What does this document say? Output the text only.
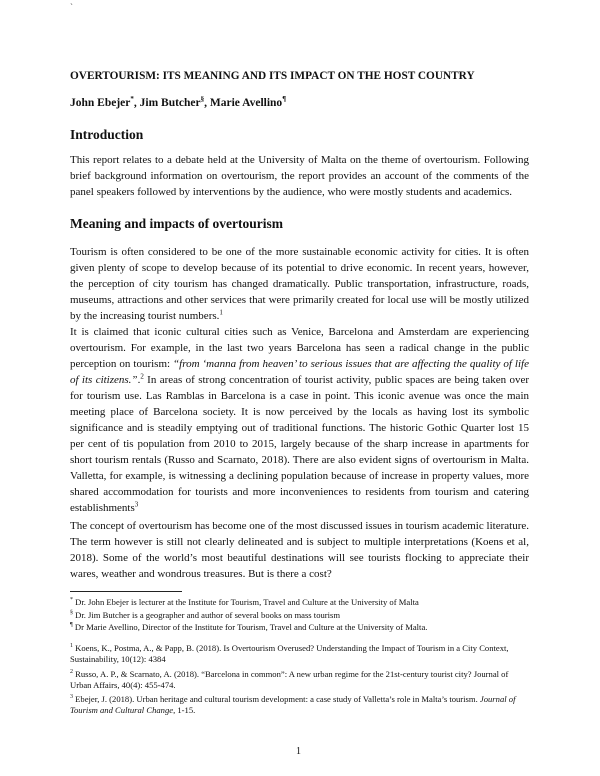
`
OVERTOURISM: ITS MEANING AND ITS IMPACT ON THE HOST COUNTRY
John Ebejer*, Jim Butcher§, Marie Avellino¶
Introduction

This report relates to a debate held at the University of Malta on the theme of overtourism. Following brief background information on overtourism, the report provides an account of the comments of the panel speakers followed by interventions by the audience, who were mostly students and academics.

Meaning and impacts of overtourism

Tourism is often considered to be one of the more sustainable economic activity for cities. It is often given plenty of scope to develop because of its potential to drive economic. In recent years, however, the perception of city tourism has changed dramatically. Public transportation, infrastructure, roads, museums, attractions and other services that were primarily created for local use will be mostly utilized by the increasing tourist numbers.$^1$

It is claimed that iconic cultural cities such as Venice, Barcelona and Amsterdam are experiencing overtourism. For example, in the last two years Barcelona has seen a radical change in the public perception on tourism: “from ‘manna from heaven’ to serious issues that are affecting the quality of life of its citizens.”.$^2$ In areas of strong concentration of tourist activity, public spaces are being taken over for tourism use. Las Ramblas in Barcelona is a case in point. This iconic avenue was once the main meeting place of Barcelona society. It is now perceived by the locals as having lost its symbolic significance and is steadily emptying out of traditional functions. The historic Gothic Quarter lost 15 per cent of tis population from 2010 to 2015, largely because of the sharp increase in apartments for short tourism rentals (Russo and Scarnato, 2018). There are also evident signs of overtourism in Malta. Valletta, for example, is witnessing a declining population because of increase in property values, more shared accommodation for tourists and more inconveniences to residents from tourism and catering establishments$^3$

The concept of overtourism has become one of the most discussed issues in tourism academic literature. The term however is still not clearly delineated and is subject to multiple interpretations (Koens et al, 2018). Some of the world’s most beautiful destinations will see tourists flocking to appreciate their wares, weather and wondrous treasures. But is there a cost?

* Dr. John Ebejer is lecturer at the Institute for Tourism, Travel and Culture at the University of Malta

§ Dr. Jim Butcher is a geographer and author of several books on mass tourism

¶ Dr Marie Avellino, Director of the Institute for Tourism, Travel and Culture at the University of Malta.

$^1$ Koens, K., Postma, A., & Papp, B. (2018). Is Overtourism Overused? Understanding the Impact of Tourism in a City Context, Sustainability, 10(12): 4384

$^2$ Russo, A. P., & Scarnato, A. (2018). “Barcelona in common”: A new urban regime for the 21st-century tourist city? Journal of Urban Affairs, 40(4): 455-474.

$^3$ Ebejer, J. (2018). Urban heritage and cultural tourism development: a case study of Valletta’s role in Malta’s tourism. Journal of Tourism and Cultural Change, 1-15.

1
